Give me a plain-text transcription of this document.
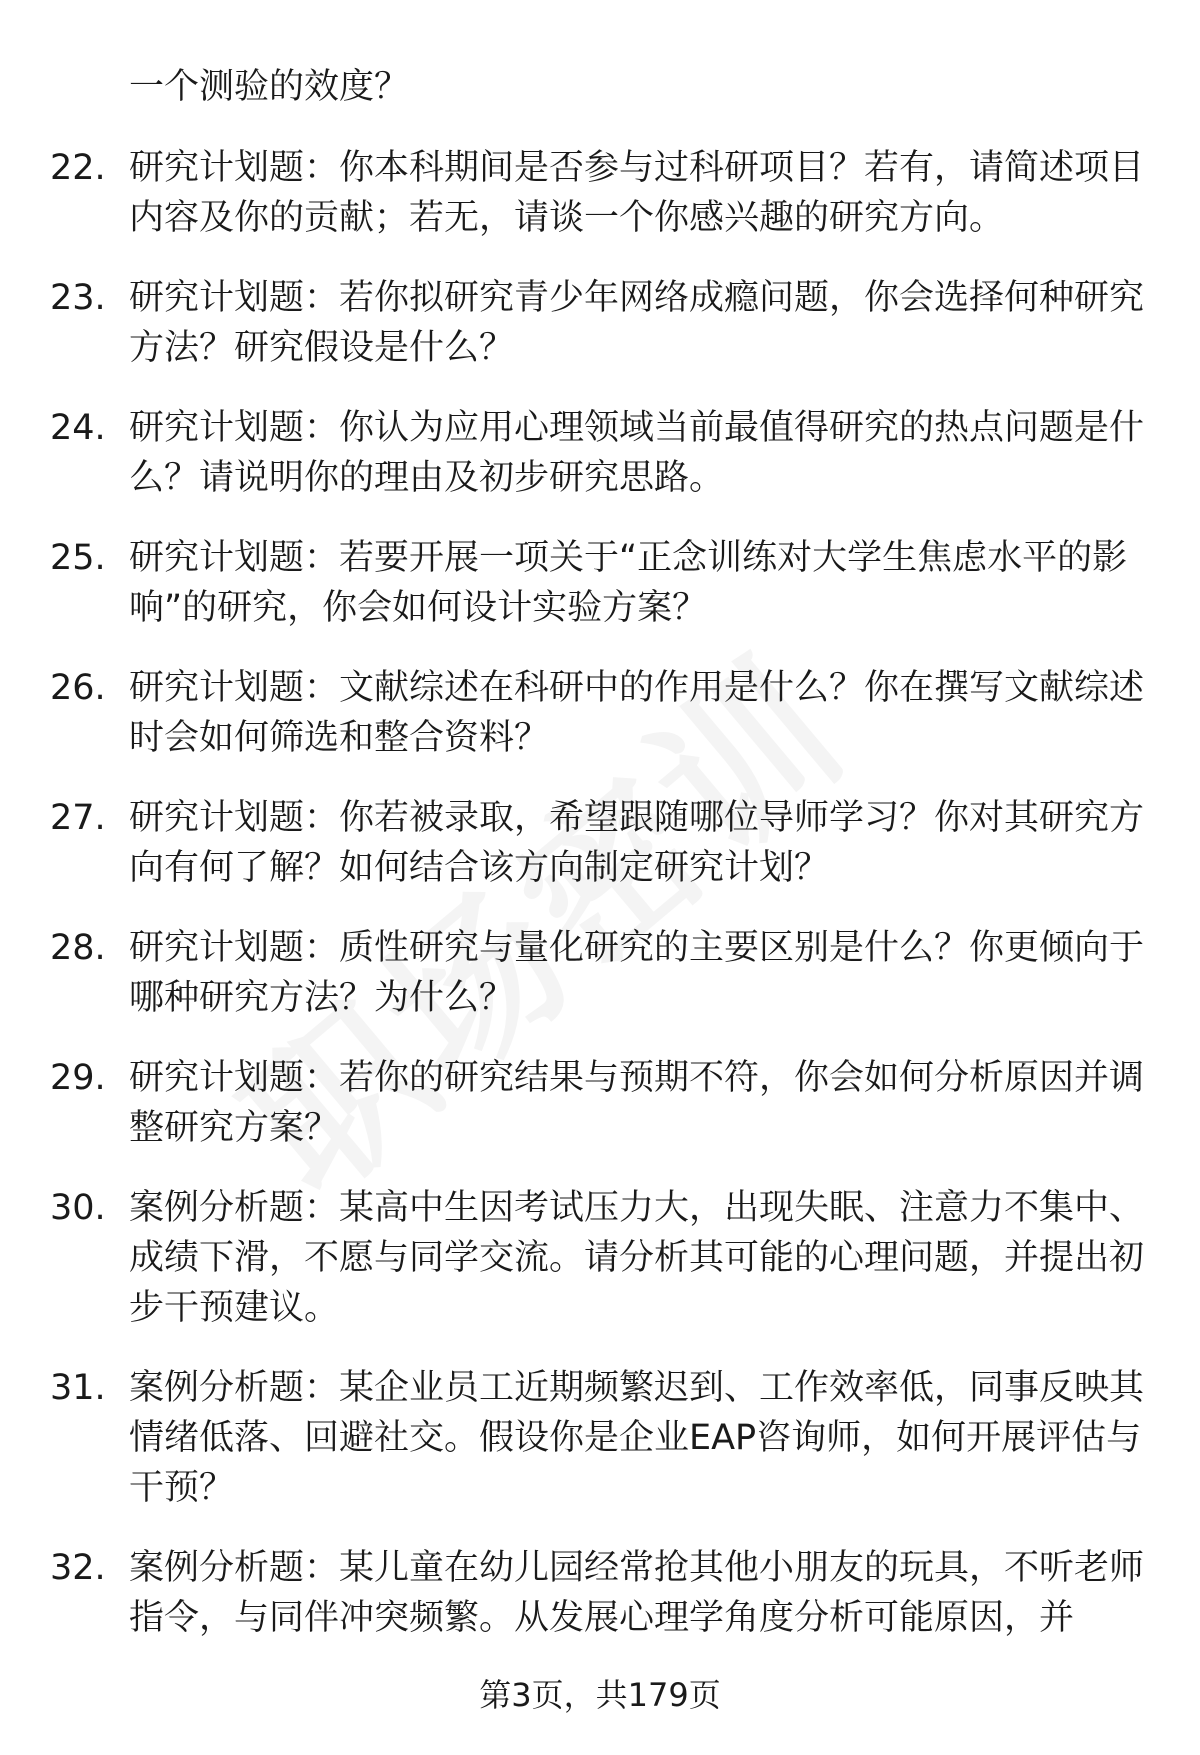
一个测验的效度？
22. 研究计划题：你本科期间是否参与过科研项目？若有，请简述项目内容及你的贡献；若无，请谈一个你感兴趣的研究方向。
23. 研究计划题：若你拟研究青少年网络成瘾问题，你会选择何种研究方法？研究假设是什么？
24. 研究计划题：你认为应用心理领域当前最值得研究的热点问题是什么？请说明你的理由及初步研究思路。
25. 研究计划题：若要开展一项关于“正念训练对大学生焦虑水平的影响”的研究，你会如何设计实验方案？
26. 研究计划题：文献综述在科研中的作用是什么？你在撰写文献综述时会如何筛选和整合资料？
27. 研究计划题：你若被录取，希望跟随哪位导师学习？你对其研究方向有何了解？如何结合该方向制定研究计划？
28. 研究计划题：质性研究与量化研究的主要区别是什么？你更倾向于哪种研究方法？为什么？
29. 研究计划题：若你的研究结果与预期不符，你会如何分析原因并调整研究方案？
30. 案例分析题：某高中生因考试压力大，出现失眠、注意力不集中、成绩下滑，不愿与同学交流。请分析其可能的心理问题，并提出初步干预建议。
31. 案例分析题：某企业员工近期频繁迟到、工作效率低，同事反映其情绪低落、回避社交。假设你是企业EAP咨询师，如何开展评估与干预？
32. 案例分析题：某儿童在幼儿园经常抢其他小朋友的玩具，不听老师指令，与同伴冲突频繁。从发展心理学角度分析可能原因，并
第3页，共179页
